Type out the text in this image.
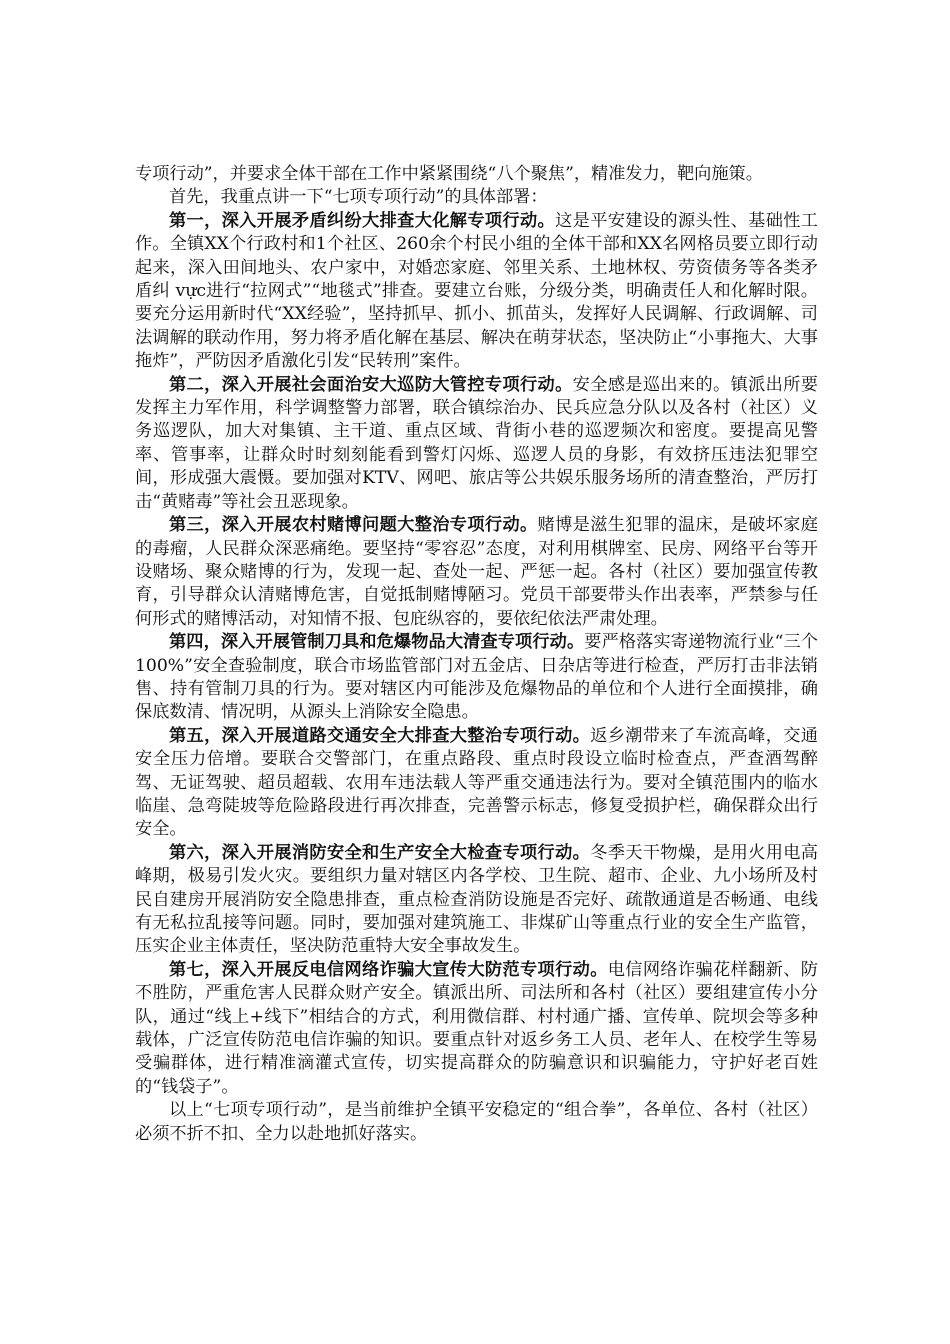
专项行动”，并要求全体干部在工作中紧紧围绕“八个聚焦”，精准发力，靶向施策。

首先，我重点讲一下“七项专项行动”的具体部署：

第一，深入开展矛盾纠纷大排查大化解专项行动。这是平安建设的源头性、基础性工作。全镇XX个行政村和1个社区、260余个村民小组的全体干部和XX名网格员要立即行动起来，深入田间地头、农户家中，对婚恋家庭、邻里关系、土地林权、劳资债务等各类矛盾纠 vực进行“拉网式”“地毯式”排查。要建立台账，分级分类，明确责任人和化解时限。要充分运用新时代“XX经验”，坚持抓早、抓小、抓苗头，发挥好人民调解、行政调解、司法调解的联动作用，努力将矛盾化解在基层、解决在萌芽状态，坚决防止“小事拖大、大事拖炸”，严防因矛盾激化引发“民转刑”案件。

第二，深入开展社会面治安大巡防大管控专项行动。安全感是巡出来的。镇派出所要发挥主力军作用，科学调整警力部署，联合镇综治办、民兵应急分队以及各村（社区）义务巡逻队，加大对集镇、主干道、重点区域、背街小巷的巡逻频次和密度。要提高见警率、管事率，让群众时时刻刻能看到警灯闪烁、巡逻人员的身影，有效挤压违法犯罪空间，形成强大震慑。要加强对KTV、网吧、旅店等公共娱乐服务场所的清查整治，严厉打击“黄赌毒”等社会丑恶现象。

第三，深入开展农村赌博问题大整治专项行动。赌博是滋生犯罪的温床，是破坏家庭的毒瘤，人民群众深恶痛绝。要坚持“零容忍”态度，对利用棋牌室、民房、网络平台等开设赌场、聚众赌博的行为，发现一起、查处一起、严惩一起。各村（社区）要加强宣传教育，引导群众认清赌博危害，自觉抵制赌博陋习。党员干部要带头作出表率，严禁参与任何形式的赌博活动，对知情不报、包庇纵容的，要依纪依法严肃处理。

第四，深入开展管制刀具和危爆物品大清查专项行动。要严格落实寄递物流行业“三个100%”安全查验制度，联合市场监管部门对五金店、日杂店等进行检查，严厉打击非法销售、持有管制刀具的行为。要对辖区内可能涉及危爆物品的单位和个人进行全面摸排，确保底数清、情况明，从源头上消除安全隐患。

第五，深入开展道路交通安全大排查大整治专项行动。返乡潮带来了车流高峰，交通安全压力倍增。要联合交警部门，在重点路段、重点时段设立临时检查点，严查酒驾醉驾、无证驾驶、超员超载、农用车违法载人等严重交通违法行为。要对全镇范围内的临水临崖、急弯陡坡等危险路段进行再次排查，完善警示标志，修复受损护栏，确保群众出行安全。

第六，深入开展消防安全和生产安全大检查专项行动。冬季天干物燥，是用火用电高峰期，极易引发火灾。要组织力量对辖区内各学校、卫生院、超市、企业、九小场所及村民自建房开展消防安全隐患排查，重点检查消防设施是否完好、疏散通道是否畅通、电线有无私拉乱接等问题。同时，要加强对建筑施工、非煤矿山等重点行业的安全生产监管，压实企业主体责任，坚决防范重特大安全事故发生。

第七，深入开展反电信网络诈骗大宣传大防范专项行动。电信网络诈骗花样翻新、防不胜防，严重危害人民群众财产安全。镇派出所、司法所和各村（社区）要组建宣传小分队，通过“线上+线下”相结合的方式，利用微信群、村村通广播、宣传单、院坝会等多种载体，广泛宣传防范电信诈骗的知识。要重点针对返乡务工人员、老年人、在校学生等易受骗群体，进行精准滴灌式宣传，切实提高群众的防骗意识和识骗能力，守护好老百姓的“钱袋子”。

以上“七项专项行动”，是当前维护全镇平安稳定的“组合拳”，各单位、各村（社区）必须不折不扣、全力以赴地抓好落实。
